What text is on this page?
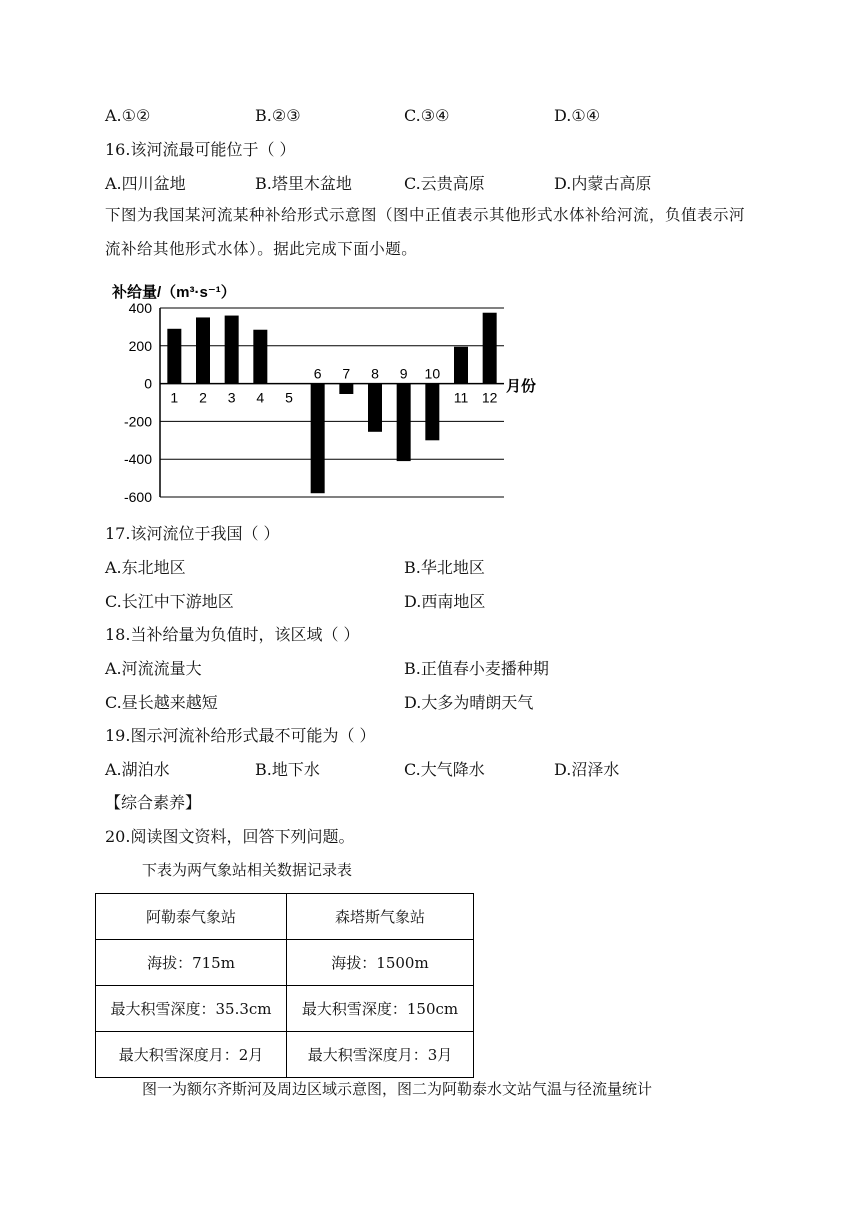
A.①②	B.②③	C.③④	D.①④
16.该河流最可能位于（ ）
A.四川盆地	B.塔里木盆地	C.云贵高原	D.内蒙古高原
下图为我国某河流某种补给形式示意图（图中正值表示其他形式水体补给河流，负值表示河流补给其他形式水体）。据此完成下面小题。
补给量/（m³·s⁻¹）
400
200
0
-200
-400
-600
1 2 3 4 5
6 7 8 9 10
11 12
月份
17.该河流位于我国（ ）
A.东北地区	B.华北地区
C.长江中下游地区	D.西南地区
18.当补给量为负值时，该区域（ ）
A.河流流量大	B.正值春小麦播种期
C.昼长越来越短	D.大多为晴朗天气
19.图示河流补给形式最不可能为（ ）
A.湖泊水	B.地下水	C.大气降水	D.沼泽水
【综合素养】
20.阅读图文资料，回答下列问题。
下表为两气象站相关数据记录表
阿勒泰气象站	森塔斯气象站
海拔：715m	海拔：1500m
最大积雪深度：35.3cm	最大积雪深度：150cm
最大积雪深度月：2月	最大积雪深度月：3月
图一为额尔齐斯河及周边区域示意图，图二为阿勒泰水文站气温与径流量统计
